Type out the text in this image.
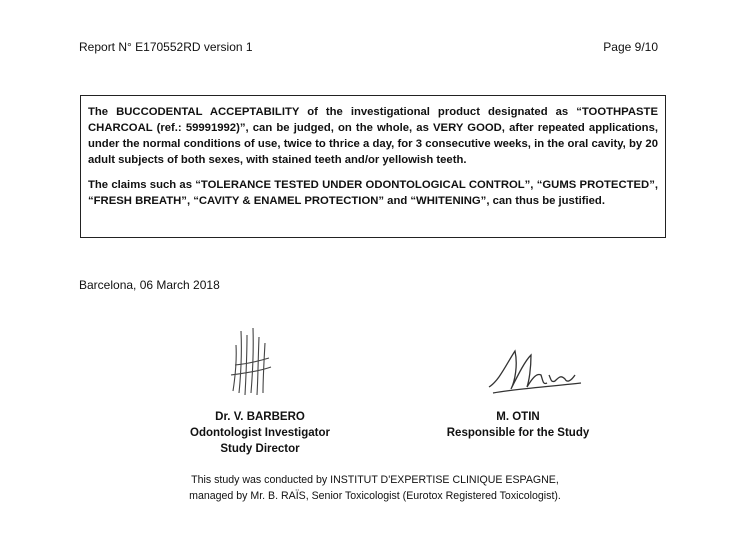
Report N° E170552RD version 1	Page 9/10

The BUCCODENTAL ACCEPTABILITY of the investigational product designated as “TOOTHPASTE CHARCOAL (ref.: 59991992)”, can be judged, on the whole, as VERY GOOD, after repeated applications, under the normal conditions of use, twice to thrice a day, for 3 consecutive weeks, in the oral cavity, by 20 adult subjects of both sexes, with stained teeth and/or yellowish teeth.

The claims such as “TOLERANCE TESTED UNDER ODONTOLOGICAL CONTROL”, “GUMS PROTECTED”, “FRESH BREATH”, “CAVITY & ENAMEL PROTECTION” and “WHITENING”, can thus be justified.

Barcelona, 06 March 2018
Dr. V. BARBERO
Odontologist Investigator
Study Director
M. OTIN
Responsible for the Study
This study was conducted by INSTITUT D'EXPERTISE CLINIQUE ESPAGNE,
managed by Mr. B. RAÏS, Senior Toxicologist (Eurotox Registered Toxicologist).
